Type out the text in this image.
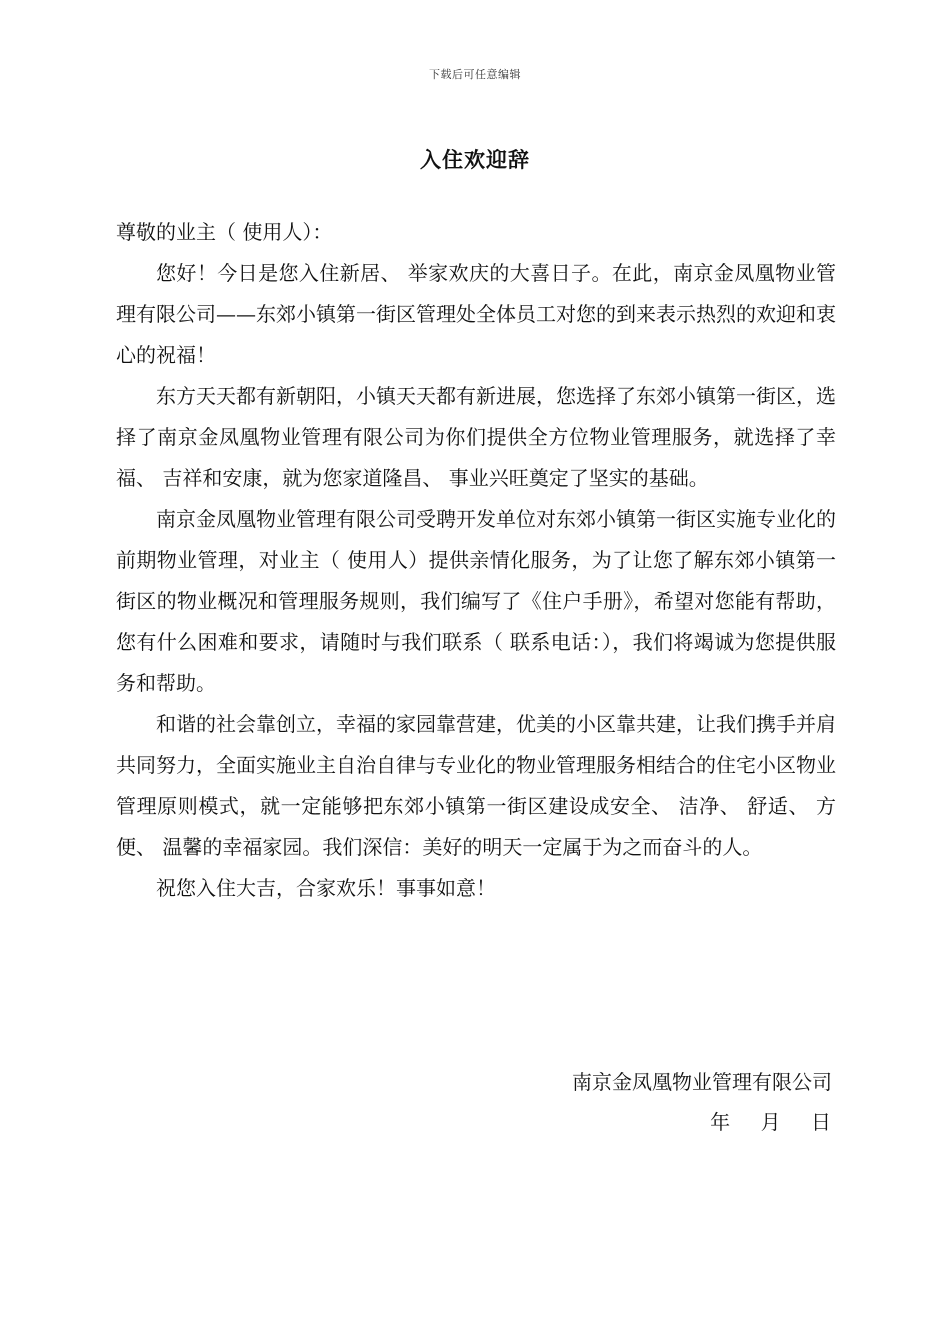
下载后可任意编辑
入住欢迎辞

尊敬的业主（ 使用人）：

您好！今日是您入住新居、 举家欢庆的大喜日子。在此，南京金凤凰物业管理有限公司——东郊小镇第一街区管理处全体员工对您的到来表示热烈的欢迎和衷心的祝福！

东方天天都有新朝阳，小镇天天都有新进展，您选择了东郊小镇第一街区，选择了南京金凤凰物业管理有限公司为你们提供全方位物业管理服务，就选择了幸福、 吉祥和安康，就为您家道隆昌、 事业兴旺奠定了坚实的基础。

南京金凤凰物业管理有限公司受聘开发单位对东郊小镇第一街区实施专业化的前期物业管理，对业主（ 使用人）提供亲情化服务，为了让您了解东郊小镇第一街区的物业概况和管理服务规则，我们编写了《住户手册》，希望对您能有帮助，您有什么困难和要求，请随时与我们联系（ 联系电话：），我们将竭诚为您提供服务和帮助。

和谐的社会靠创立，幸福的家园靠营建，优美的小区靠共建，让我们携手并肩共同努力，全面实施业主自治自律与专业化的物业管理服务相结合的住宅小区物业管理原则模式，就一定能够把东郊小镇第一街区建设成安全、 洁净、 舒适、 方便、 温馨的幸福家园。我们深信：美好的明天一定属于为之而奋斗的人。

祝您入住大吉，合家欢乐！事事如意！

南京金凤凰物业管理有限公司
年    月    日
